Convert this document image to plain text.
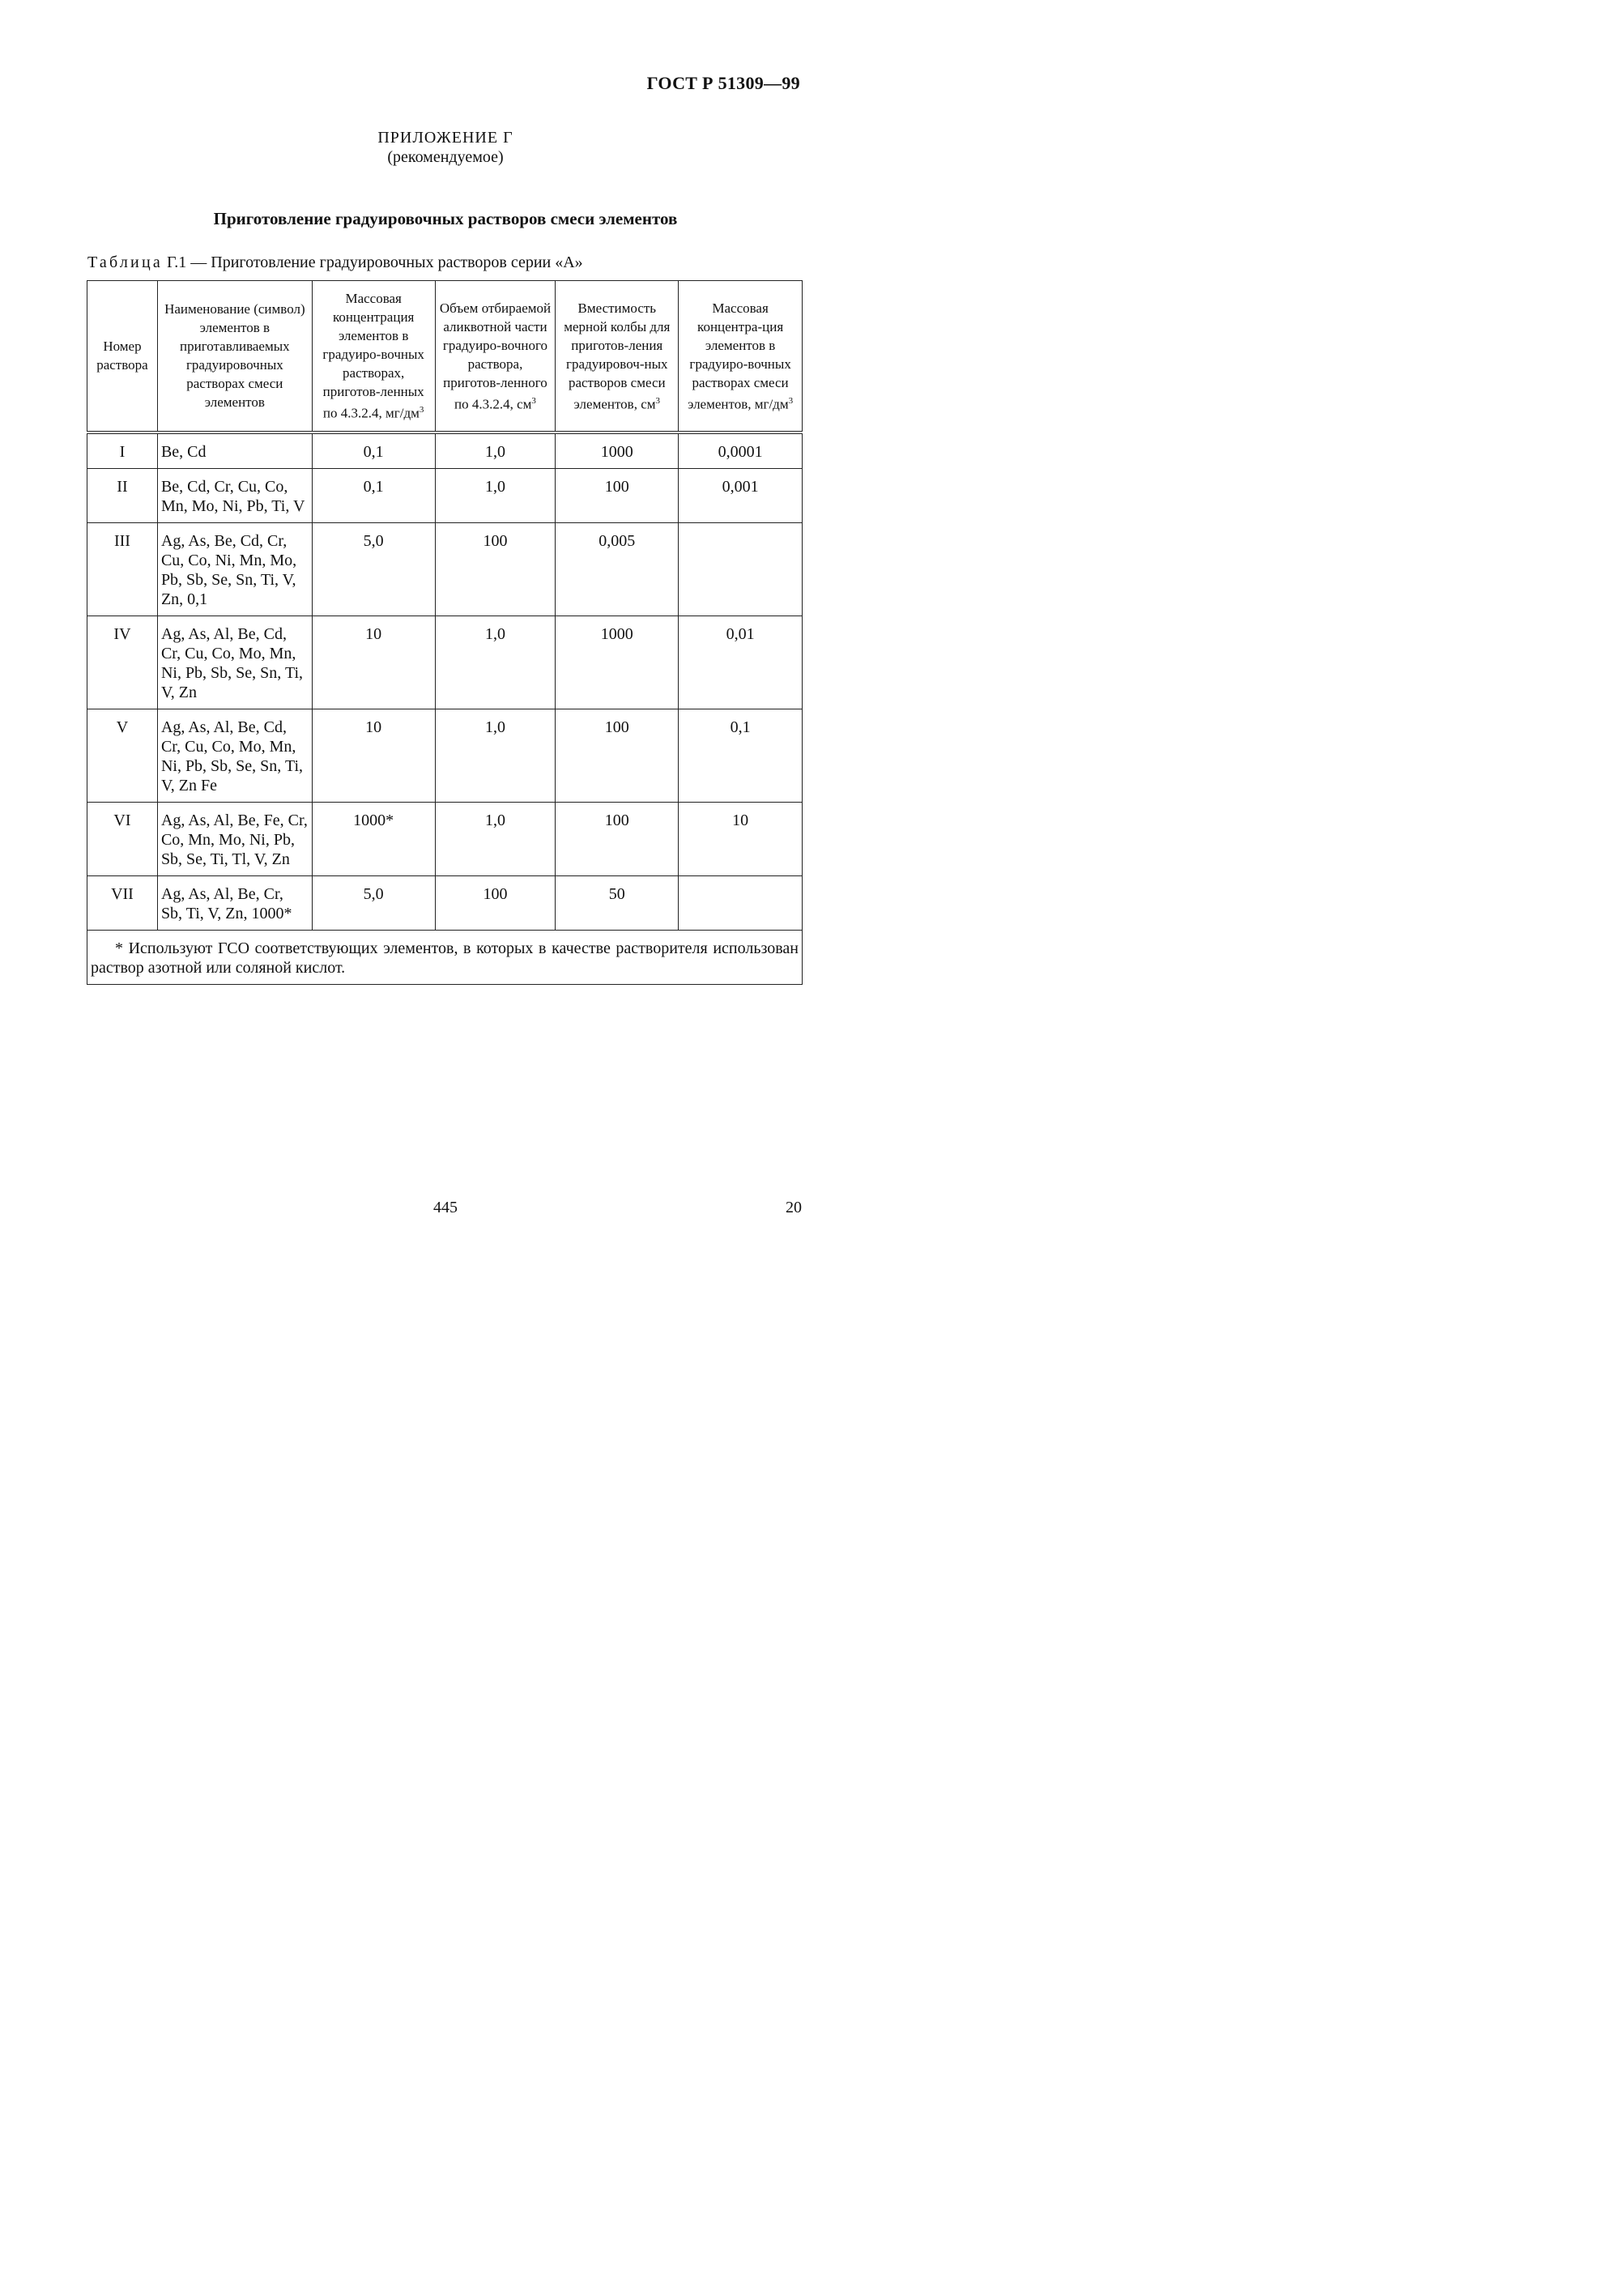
ГОСТ Р 51309—99
ПРИЛОЖЕНИЕ Г
(рекомендуемое)
Приготовление градуировочных растворов смеси элементов
Таблица Г.1 — Приготовление градуировочных растворов серии «А»
Номер раствора	Наименование (символ) элементов в приготавливаемых градуировочных растворах смеси элементов	Массовая концентрация элементов в градуиро-вочных растворах, приготов-ленных по 4.3.2.4, $мг/дм^3$	Объем отбираемой аликвотной части градуиро-вочного раствора, приготов-ленного по 4.3.2.4, $см^3$	Вместимость мерной колбы для приготов-ления градуировоч-ных растворов смеси элементов, $см^3$	Массовая концентра-ция элементов в градуиро-вочных растворах смеси элементов, $мг/дм^3$
I	Be, Cd	0,1	1,0	1000	0,0001
II	Be, Cd, Cr, Cu, Co, Mn, Mo, Ni, Pb, Ti, V	0,1	1,0	100	0,001
III	Ag, As, Be, Cd, Cr, Cu, Co, Ni, Mn, Mo, Pb, Sb, Se, Sn, Ti, V, Zn, 0,1	5,0	100	0,005	
IV	Ag, As, Al, Be, Cd, Cr, Cu, Co, Mo, Mn, Ni, Pb, Sb, Se, Sn, Ti, V, Zn	10	1,0	1000	0,01
V	Ag, As, Al, Be, Cd, Cr, Cu, Co, Mo, Mn, Ni, Pb, Sb, Se, Sn, Ti, V, Zn Fe	10	1,0	100	0,1
VI	Ag, As, Al, Be, Fe, Cr, Co, Mn, Mo, Ni, Pb, Sb, Se, Ti, Tl, V, Zn	1000*	1,0	100	10
VII	Ag, As, Al, Be, Cr, Sb, Ti, V, Zn, 1000*	5,0	100	50	
* Используют ГСО соответствующих элементов, в которых в качестве растворителя использован раствор азотной или соляной кислот.					
445	20
